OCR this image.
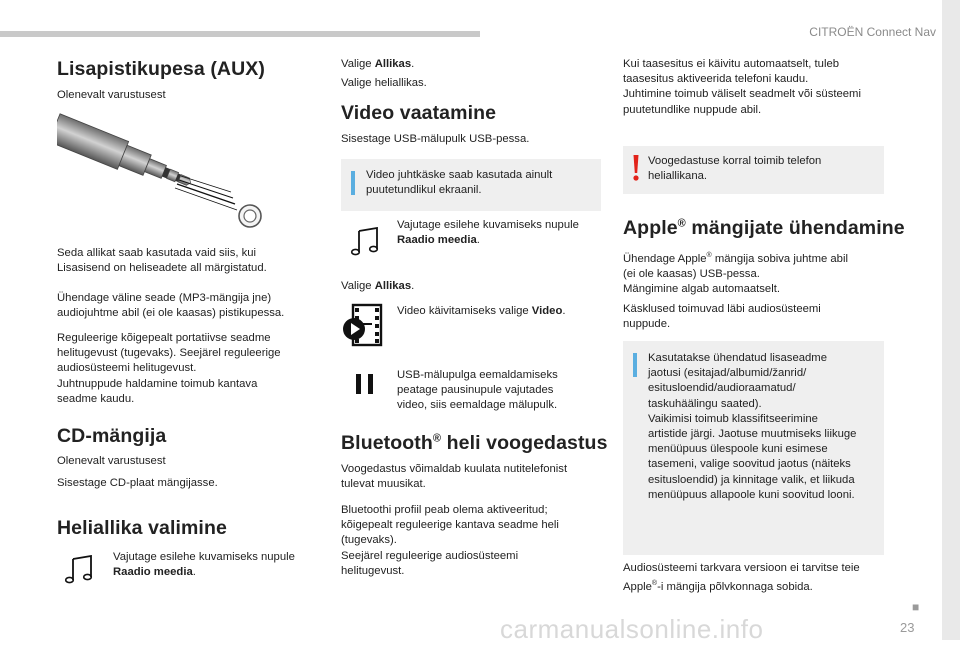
CITROËN Connect Nav
Lisapistikupesa (AUX)
Olenevalt varustusest
Seda allikat saab kasutada vaid siis, kui
Lisasisend on heliseadete all märgistatud.
Ühendage väline seade (MP3-mängija jne)
audiojuhtme abil (ei ole kaasas) pistikupessa.
Reguleerige kõigepealt portatiivse seadme
helitugevust (tugevaks). Seejärel reguleerige
audiosüsteemi helitugevust.
Juhtnuppude haldamine toimub kantava
seadme kaudu.
CD-mängija
Olenevalt varustusest
Sisestage CD-plaat mängijasse.
Heliallika valimine
Vajutage esilehe kuvamiseks nupule
Raadio meedia.
Valige Allikas.
Valige heliallikas.
Video vaatamine
Sisestage USB-mälupulk USB-pessa.
Video juhtkäske saab kasutada ainult
puutetundlikul ekraanil.
Vajutage esilehe kuvamiseks nupule
Raadio meedia.
Valige Allikas.
Video käivitamiseks valige Video.
USB-mälupulga eemaldamiseks
peatage pausinupule vajutades
video, siis eemaldage mälupulk.
Bluetooth® heli voogedastus
Voogedastus võimaldab kuulata nutitelefonist
tulevat muusikat.
Bluetoothi profiil peab olema aktiveeritud;
kõigepealt reguleerige kantava seadme heli
(tugevaks).
Seejärel reguleerige audiosüsteemi
helitugevust.
Kui taasesitus ei käivitu automaatselt, tuleb
taasesitus aktiveerida telefoni kaudu.
Juhtimine toimub väliselt seadmelt või süsteemi
puutetundlike nuppude abil.
Voogedastuse korral toimib telefon
heliallikana.
Apple® mängijate ühendamine
Ühendage Apple® mängija sobiva juhtme abil
(ei ole kaasas) USB-pessa.
Mängimine algab automaatselt.
Käsklused toimuvad läbi audiosüsteemi
nuppude.
Kasutatakse ühendatud lisaseadme
jaotusi (esitajad/albumid/žanrid/
esitusloendid/audioraamatud/
taskuhäälingu saated).
Vaikimisi toimub klassifitseerimine
artistide järgi. Jaotuse muutmiseks liikuge
menüüpuus ülespoole kuni esimese
tasemeni, valige soovitud jaotus (näiteks
esitusloendid) ja kinnitage valik, et liikuda
menüüpuus allapoole kuni soovitud looni.
Audiosüsteemi tarkvara versioon ei tarvitse teie
Apple®-i mängija põlvkonnaga sobida.
carmanualsonline.info
■
23
